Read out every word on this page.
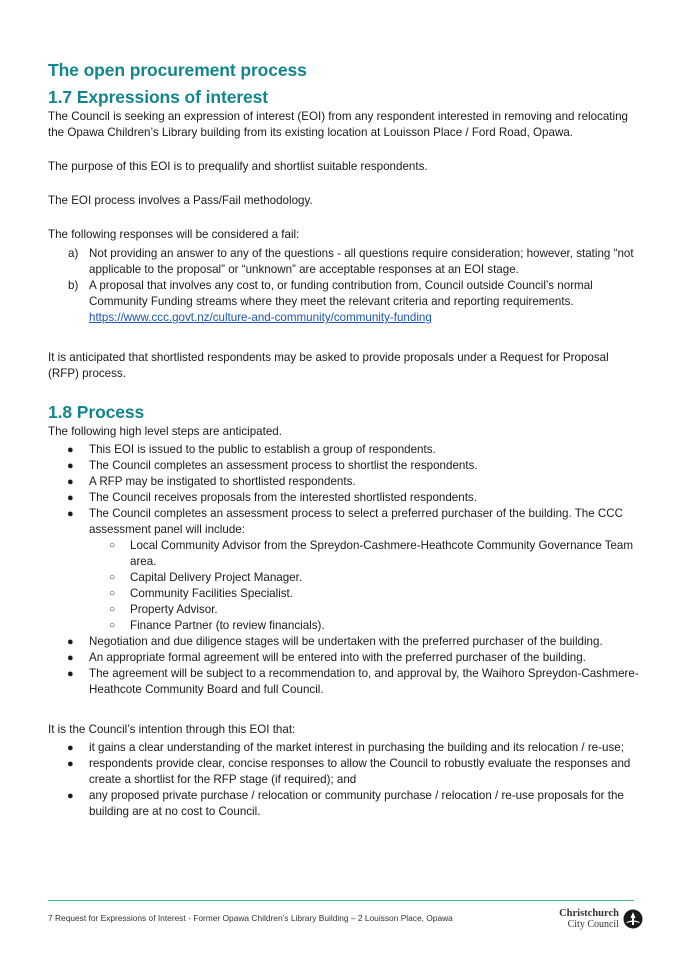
The open procurement process
1.7 Expressions of interest

The Council is seeking an expression of interest (EOI) from any respondent interested in removing and relocating the Opawa Children’s Library building from its existing location at Louisson Place / Ford Road, Opawa.

The purpose of this EOI is to prequalify and shortlist suitable respondents.

The EOI process involves a Pass/Fail methodology.

The following responses will be considered a fail:

a) Not providing an answer to any of the questions - all questions require consideration; however, stating “not applicable to the proposal” or “unknown” are acceptable responses at an EOI stage.
b) A proposal that involves any cost to, or funding contribution from, Council outside Council’s normal Community Funding streams where they meet the relevant criteria and reporting requirements.
https://www.ccc.govt.nz/culture-and-community/community-funding

It is anticipated that shortlisted respondents may be asked to provide proposals under a Request for Proposal (RFP) process.

1.8 Process

The following high level steps are anticipated.

● This EOI is issued to the public to establish a group of respondents.
● The Council completes an assessment process to shortlist the respondents.
● A RFP may be instigated to shortlisted respondents.
● The Council receives proposals from the interested shortlisted respondents.
● The Council completes an assessment process to select a preferred purchaser of the building. The CCC assessment panel will include:
○ Local Community Advisor from the Spreydon-Cashmere-Heathcote Community Governance Team area.
○ Capital Delivery Project Manager.
○ Community Facilities Specialist.
○ Property Advisor.
○ Finance Partner (to review financials).
● Negotiation and due diligence stages will be undertaken with the preferred purchaser of the building.
● An appropriate formal agreement will be entered into with the preferred purchaser of the building.
● The agreement will be subject to a recommendation to, and approval by, the Waihoro Spreydon-Cashmere-Heathcote Community Board and full Council.

It is the Council’s intention through this EOI that:

● it gains a clear understanding of the market interest in purchasing the building and its relocation / re-use;
● respondents provide clear, concise responses to allow the Council to robustly evaluate the responses and create a shortlist for the RFP stage (if required); and
● any proposed private purchase / relocation or community purchase / relocation / re-use proposals for the building are at no cost to Council.
7 Request for Expressions of Interest - Former Opawa Children’s Library Building – 2 Louisson Place, Opawa	Christchurch
City Council
